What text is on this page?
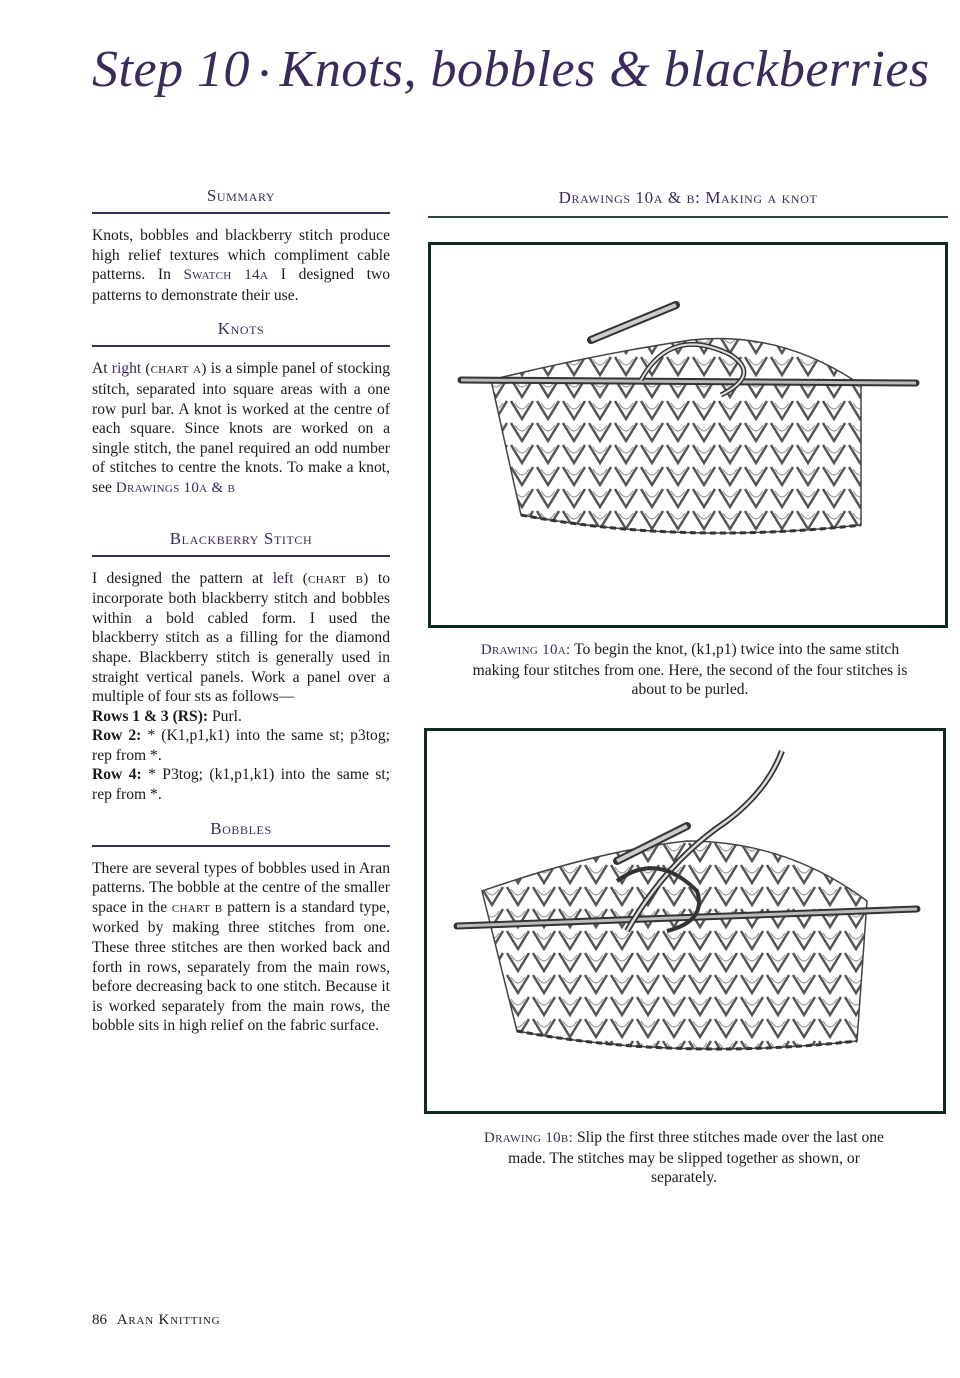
Step 10 • Knots, bobbles & blackberries
Summary

Knots, bobbles and blackberry stitch produce high relief textures which compliment cable patterns. In Swatch 14a I designed two patterns to demonstrate their use.

Knots

At right (chart a) is a simple panel of stocking stitch, separated into square areas with a one row purl bar. A knot is worked at the centre of each square. Since knots are worked on a single stitch, the panel required an odd number of stitches to centre the knots. To make a knot, see Drawings 10a & b

Blackberry Stitch

I designed the pattern at left (chart b) to incorporate both blackberry stitch and bobbles within a bold cabled form. I used the blackberry stitch as a filling for the diamond shape. Blackberry stitch is generally used in straight vertical panels. Work a panel over a multiple of four sts as follows—

Rows 1 & 3 (RS): Purl.
Row 2: * (K1,p1,k1) into the same st; p3tog; rep from *.
Row 4: * P3tog; (k1,p1,k1) into the same st; rep from *.
Bobbles

There are several types of bobbles used in Aran patterns. The bobble at the centre of the smaller space in the chart b pattern is a standard type, worked by making three stitches from one. These three stitches are then worked back and forth in rows, separately from the main rows, before decreasing back to one stitch. Because it is worked separately from the main rows, the bobble sits in high relief on the fabric surface.

Drawings 10a & b: Making a knot

Drawing 10a: To begin the knot, (k1,p1) twice into the same stitch making four stitches from one. Here, the second of the four stitches is about to be purled.

Drawing 10b: Slip the first three stitches made over the last one made. The stitches may be slipped together as shown, or separately.

86 Aran Knitting
